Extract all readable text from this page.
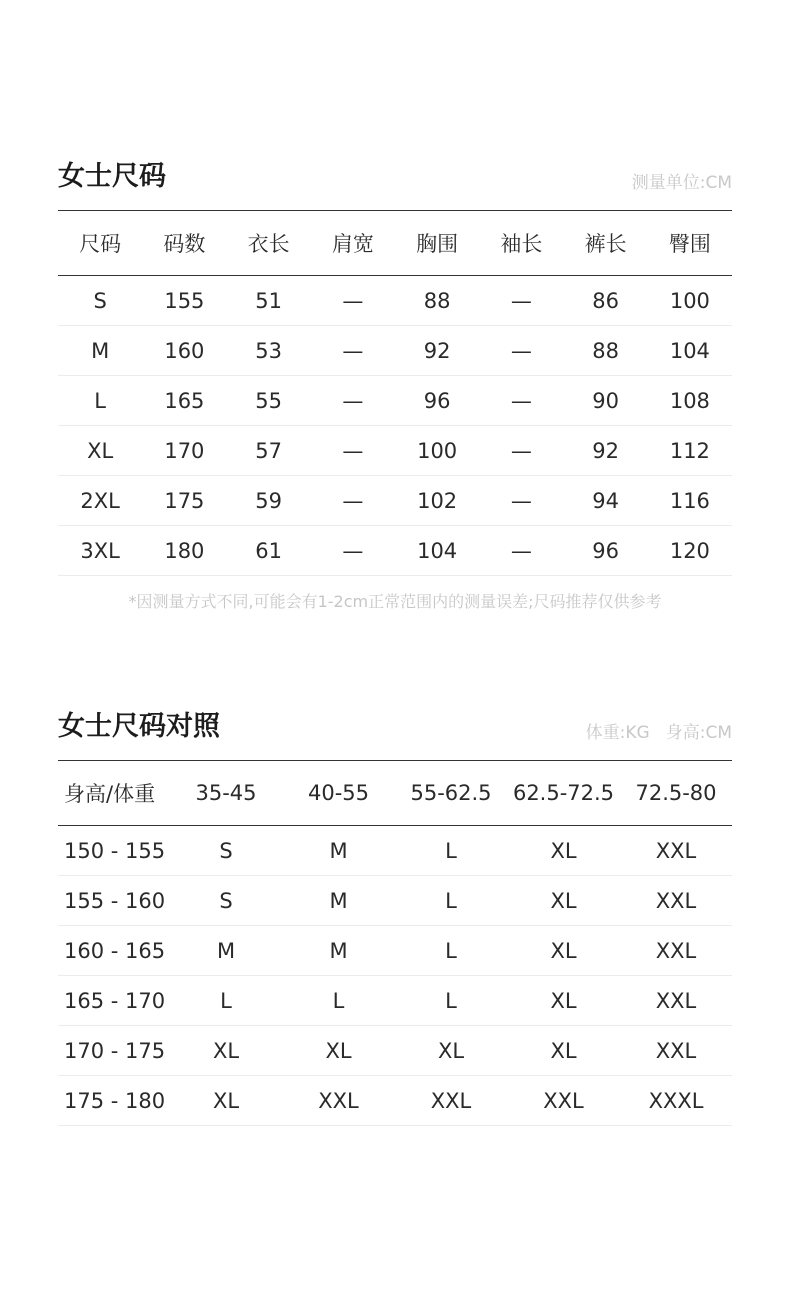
女士尺码	测量单位:CM
尺码	码数	衣长	肩宽	胸围	袖长	裤长	臀围
S	155	51	—	88	—	86	100
M	160	53	—	92	—	88	104
L	165	55	—	96	—	90	108
XL	170	57	—	100	—	92	112
2XL	175	59	—	102	—	94	116
3XL	180	61	—	104	—	96	120
*因测量方式不同,可能会有1-2cm正常范围内的测量误差;尺码推荐仅供参考
女士尺码对照	体重:KG 身高:CM
身高/体重	35-45	40-55	55-62.5	62.5-72.5	72.5-80
150 - 155	S	M	L	XL	XXL
155 - 160	S	M	L	XL	XXL
160 - 165	M	M	L	XL	XXL
165 - 170	L	L	L	XL	XXL
170 - 175	XL	XL	XL	XL	XXL
175 - 180	XL	XXL	XXL	XXL	XXXL
